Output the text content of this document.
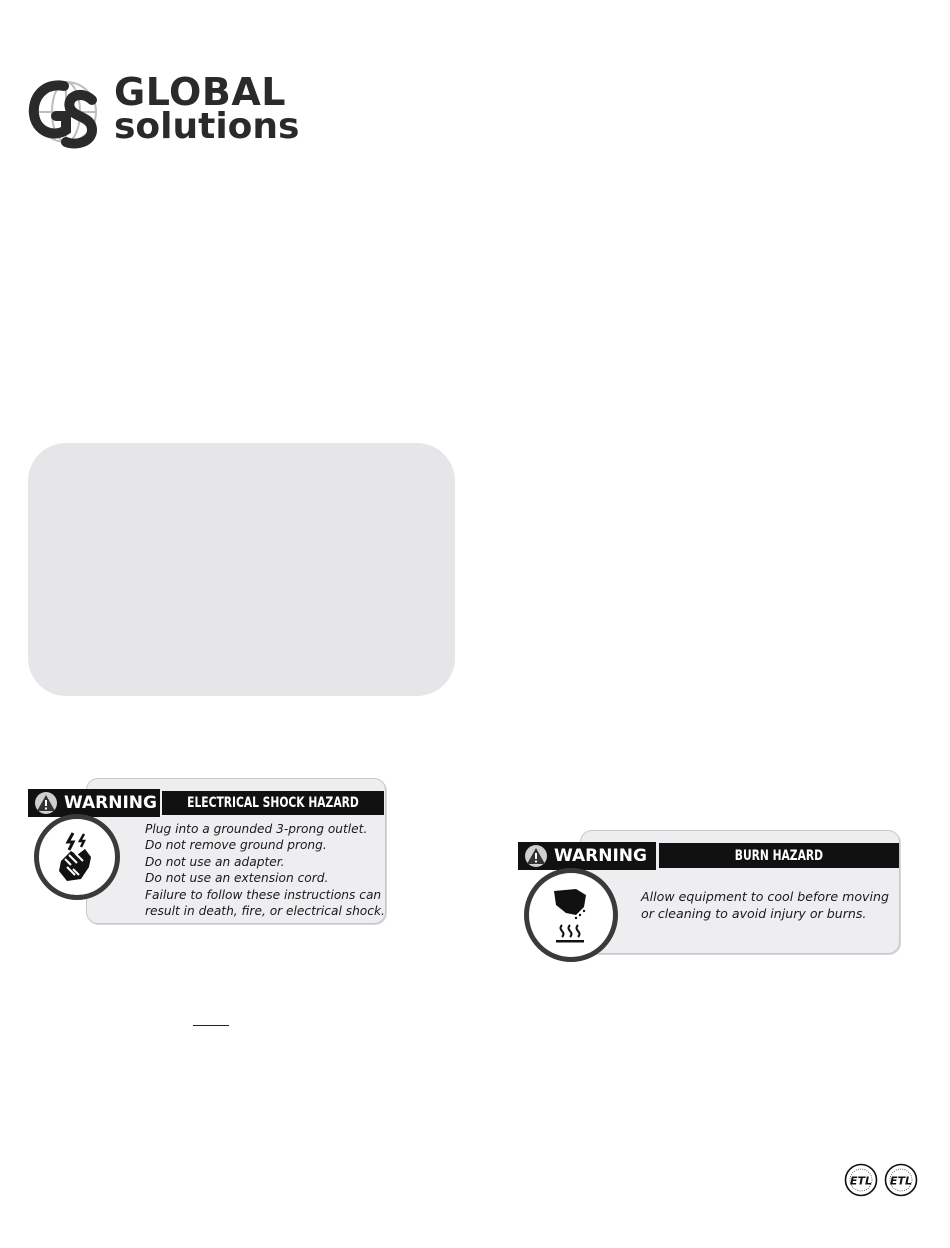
GLOBAL
solutions
WARNING ELECTRICAL SHOCK HAZARD
Plug into a grounded 3-prong outlet.
Do not remove ground prong.
Do not use an adapter.
Do not use an extension cord.
Failure to follow these instructions can
result in death, fire, or electrical shock.
WARNING	BURN HAZARD
Allow equipment to cool before moving
or cleaning to avoid injury or burns.
ETL ETL
